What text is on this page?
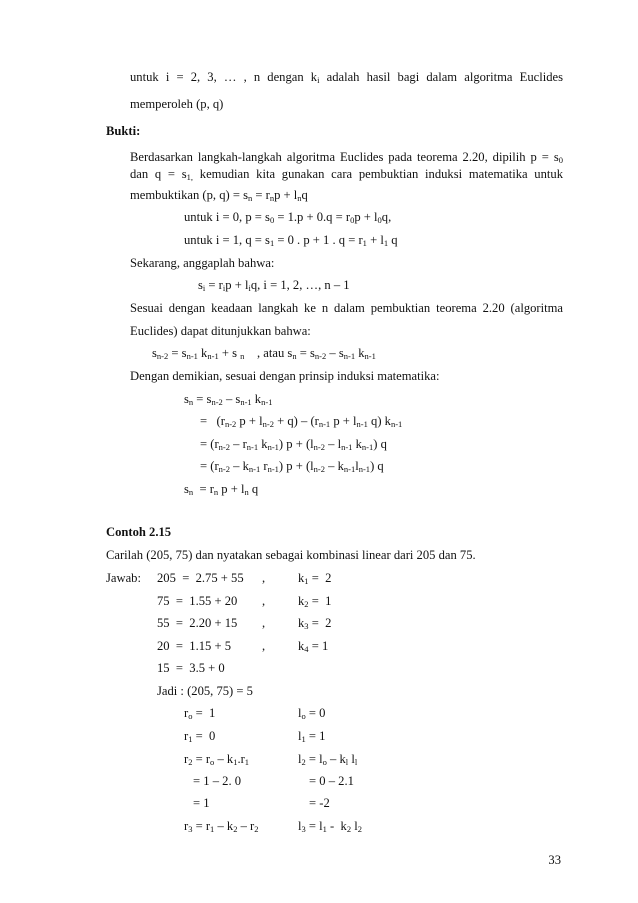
untuk i = 2, 3, … , n dengan $k_i$ adalah hasil bagi dalam algoritma Euclides
memperoleh (p, q)
Bukti:
Berdasarkan langkah-langkah algoritma Euclides pada teorema 2.20, dipilih $p = s_0$
dan $q = s_{1,}$ kemudian kita gunakan cara pembuktian induksi matematika untuk
membuktikan (p, $q) = s_n = r_np + l_nq$
untuk i = 0, $p = s_0 = 1.p + 0.q = r_0p + l_0q$,
untuk i = 1, $q = s_1 = 0$ . p + 1 . $q = r_1 + l_1$ q
Sekarang, anggaplah bahwa:
$s_i = r_ip + l_iq$, i = 1, 2, …, n – 1
Sesuai dengan keadaan langkah ke n dalam pembuktian teorema 2.20 (algoritma
Euclides) dapat ditunjukkan bahwa:
$s_{n-2} = s_{n-1}$ $k_{n-1} + s$ $_n$    , atau $s_n = s_{n-2} - s_{n-1}$ $k_{n-1}$
Dengan demikian, sesuai dengan prinsip induksi matematika:
$s_n = s_{n-2} - s_{n-1}$ $k_{n-1}$
=   ($r_{n-2}$ $p + l_{n-2} + q) - (r_{n-1}$ $p + l_{n-1}$ q) $k_{n-1}$
= ($r_{n-2} - r_{n-1}$ $k_{n-1}$) $p + (l_{n-2} - l_{n-1}$ $k_{n-1}$) q
= ($r_{n-2} - k_{n-1}$ $r_{n-1}$) $p + (l_{n-2} - k_{n-1}l_{n-1})$ q
$s_n = r_n$ $p + l_n$ q
Contoh 2.15
Carilah (205, 75) dan nyatakan sebagai kombinasi linear dari 205 dan 75.
Jawab: 205  =  2.75 + 55 ,	$k_1 = 2$
75  =  1.55 + 20 ,	$k_2 = 1$
55  =  2.20 + 15 ,	$k_3 = 2$
20  =  1.15 + 5 ,	$k_4 = 1$
15  =  3.5 + 0
Jadi : (205, 75) = 5
$r_o = 1$	$l_o = 0$
$r_1 = 0$	$l_1 = 1$
$r_2 = r_o - k_1.r_1$	$l_2 = l_o - k_l$ $l_l$
= 1 – 2. 0	= 0 – 2.1
= 1	= -2
$r_3 = r_1 - k_2 - r_2$	$l_3 = l_1 - k_2$ $l_2$
33
